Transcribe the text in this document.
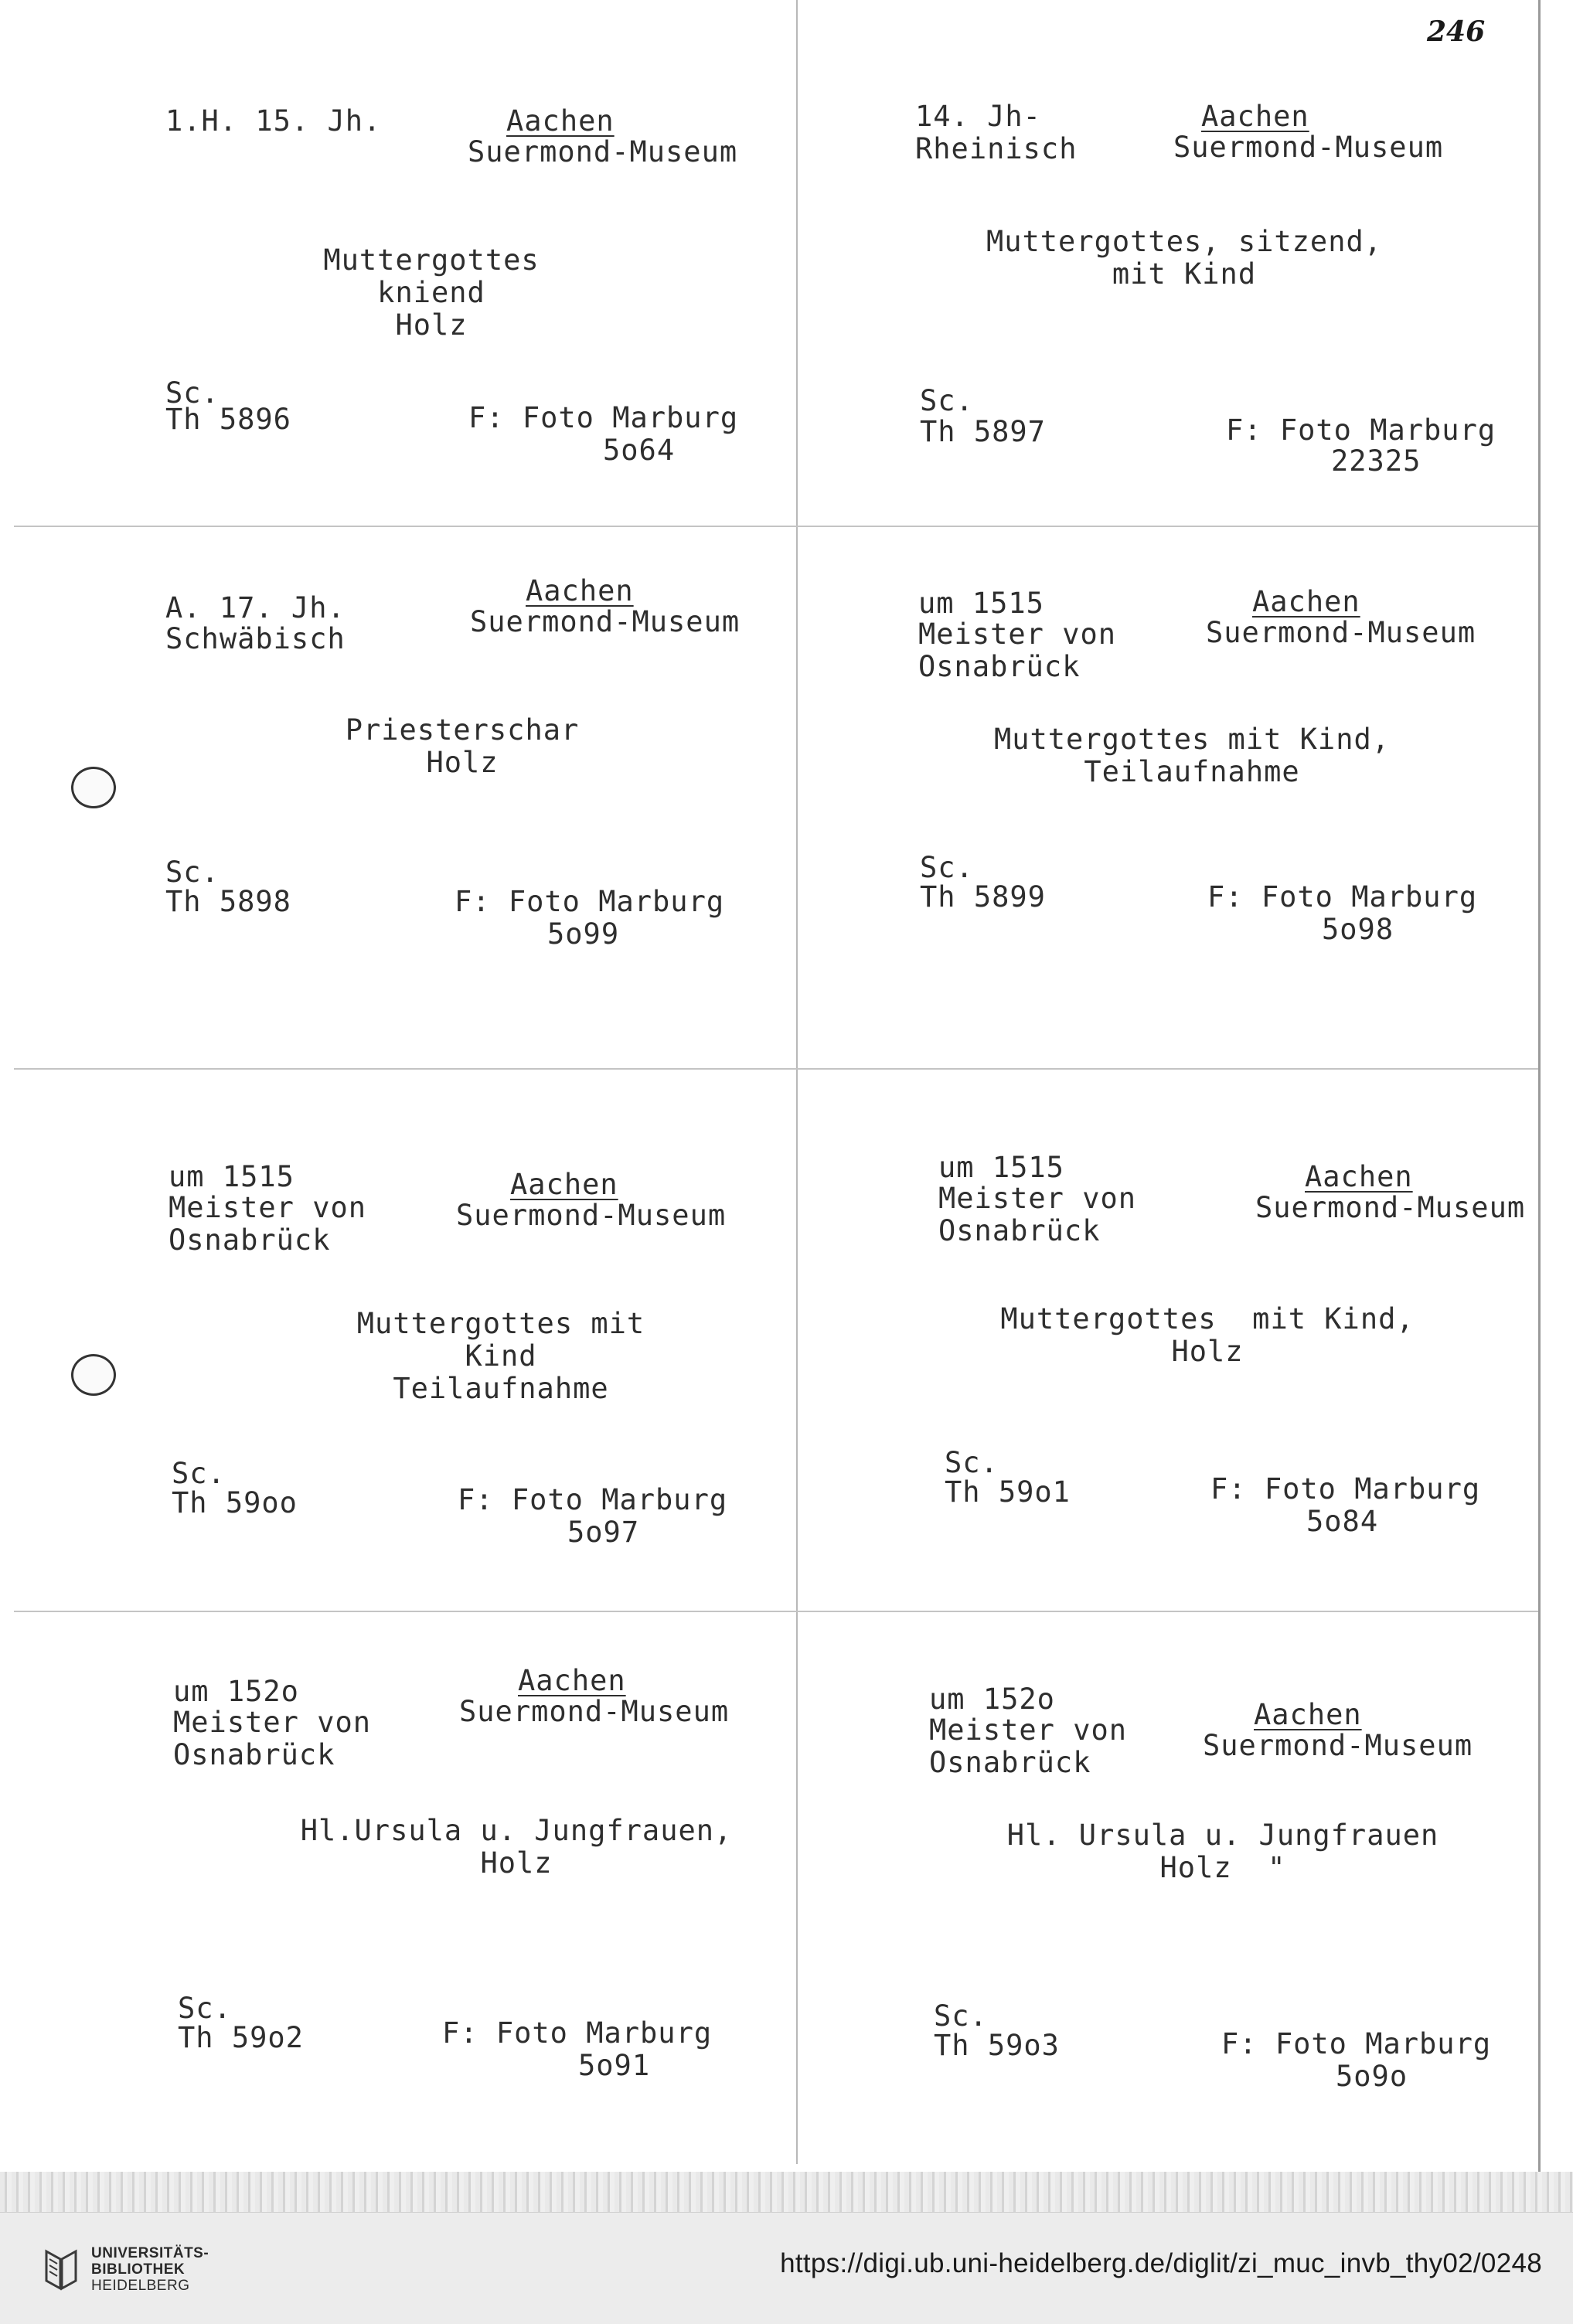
246
1.H. 15. Jh.	Aachen
Suermond-Museum
Muttergottes
kniend
Holz
Sc.
Th 5896	F: Foto Marburg
5o64
14. Jh-
Rheinisch
Aachen
Suermond-Museum
Muttergottes, sitzend,
mit Kind
Sc.
Th 5897	F: Foto Marburg
22325
A. 17. Jh.
Schwäbisch
Aachen
Suermond-Museum
Priesterschar
Holz
Sc.
Th 5898	F: Foto Marburg
5o99
um 1515
Meister von
Osnabrück
Aachen
Suermond-Museum
Muttergottes mit Kind,
Teilaufnahme
Sc.
Th 5899	F: Foto Marburg
5o98
um 1515
Meister von
Osnabrück
Aachen
Suermond-Museum
Muttergottes mit
Kind
Teilaufnahme
Sc.
Th 59oo	F: Foto Marburg
5o97
um 1515
Meister von
Osnabrück
Aachen
Suermond-Museum
Muttergottes  mit Kind,
Holz
Sc.
Th 59o1	F: Foto Marburg
5o84
um 152o
Meister von
Osnabrück
Aachen
Suermond-Museum
Hl.Ursula u. Jungfrauen,
Holz
Sc.
Th 59o2	F: Foto Marburg
5o91
um 152o
Meister von
Osnabrück
Aachen
Suermond-Museum
Hl. Ursula u. Jungfrauen
Holz  "
Sc.
Th 59o3	F: Foto Marburg
5o9o
UNIVERSITÄTS-
BIBLIOTHEK
HEIDELBERG
https://digi.ub.uni-heidelberg.de/diglit/zi_muc_invb_thy02/0248
